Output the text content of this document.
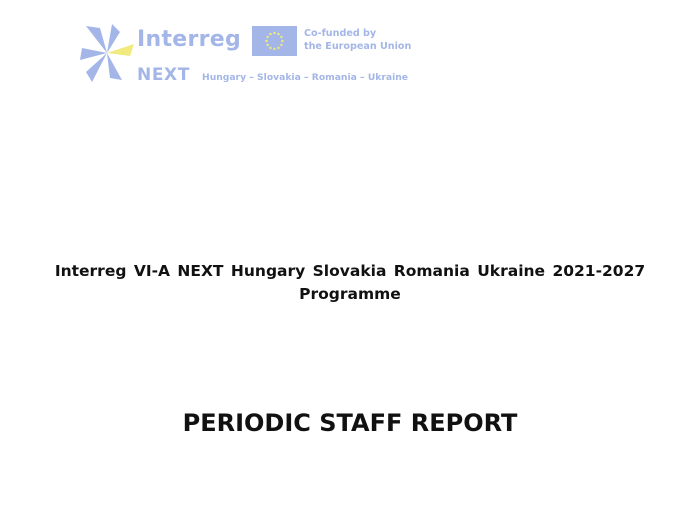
Interreg	Co-funded by
the European Union
NEXT Hungary – Slovakia – Romania – Ukraine
Interreg VI-A NEXT Hungary Slovakia Romania Ukraine 2021-2027
Programme
PERIODIC STAFF REPORT
